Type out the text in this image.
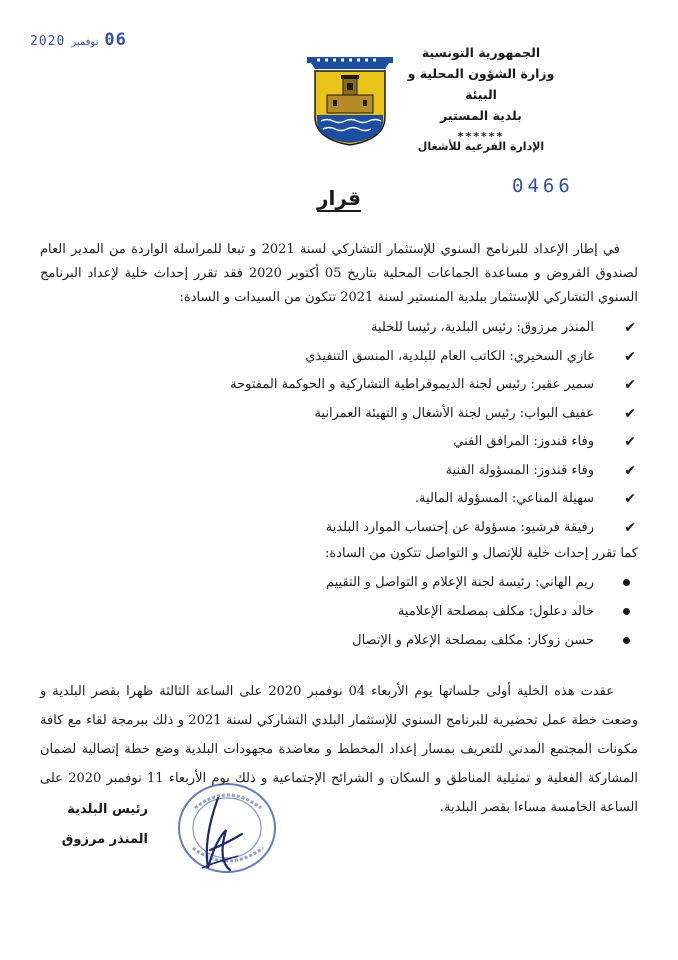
2020 نوفمبر 06
الجمهورية التونسية
وزارة الشؤون المحلية و البيئة
بلدية المستير
******
الإدارة الفرعية للأشغال
0466
قرار

في إطار الإعداد للبرنامج السنوي للإستثمار التشاركي لسنة 2021 و تبعا للمراسلة الواردة من المدير العام لصندوق القروض و مساعدة الجماعات المحلية بتاريخ 05 أكتوبر 2020 فقد تقرر إحداث خلية لإعداد البرنامج السنوي التشاركي للإستثمار ببلدية المنستير لسنة 2021 تتكون من السيدات و السادة:

✔
المنذر مرزوق: رئيس البلدية، رئيسا للخلية
✔
غازي السخيري: الكاتب العام للبلدية، المنسق التنفيذي
✔
سمير عقير: رئيس لجنة الديموقراطية التشاركية و الحوكمة المفتوحة
✔
عفيف البواب: رئيس لجنة الأشغال و التهيئة العمرانية
✔
وفاء قندوز: المرافق الفني
✔
وفاء قندوز: المسؤولة الفنية
✔
سهيلة المناعي: المسؤولة المالية.
✔
رفيقة فرشيو: مسؤولة عن إحتساب الموارد البلدية

كما تقرر إحداث خلية للإتصال و التواصل تتكون من السادة:

ريم الهاني: رئيسة لجنة الإعلام و التواصل و التقييم
خالد دعلول: مكلف بمصلحة الإعلامية
حسن زوكار: مكلف بمصلحة الإعلام و الإتصال

عقدت هذه الخلية أولى جلساتها يوم الأربعاء 04 نوفمبر 2020 على الساعة الثالثة ظهرا بقصر البلدية و وضعت خطة عمل تحضيرية للبرنامج السنوي للإستثمار البلدي التشاركي لسنة 2021 و ذلك ببرمجة لقاء مع كافة مكونات المجتمع المدني للتعريف بمسار إعداد المخطط و معاضدة مجهودات البلدية وضع خطة إتصالية لضمان المشاركة الفعلية و تمثيلية المناطق و السكان و الشرائح الإجتماعية و ذلك يوم الأربعاء 11 نوفمبر 2020 على الساعة الخامسة مساءا بقصر البلدية.

رئيس البلدية
المنذر مرزوق
